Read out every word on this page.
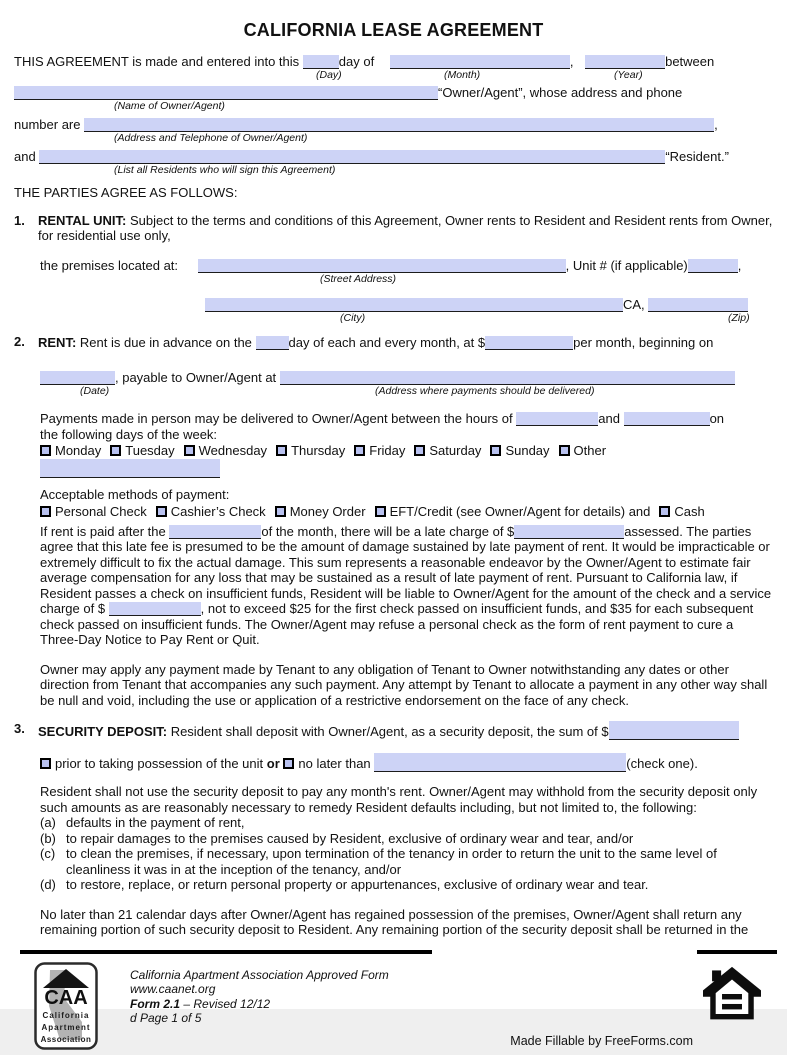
CALIFORNIA LEASE AGREEMENT

THIS AGREEMENT is made and entered into this	day of	,	between

(Day)	(Month)	(Year)

“Owner/Agent”, whose address and phone

(Name of Owner/Agent)

number are	,

(Address and Telephone of Owner/Agent)

and	“Resident.”

(List all Residents who will sign this Agreement)

THE PARTIES AGREE AS FOLLOWS:

1.	RENTAL UNIT: Subject to the terms and conditions of this Agreement, Owner rents to Resident and Resident rents from Owner, for residential use only,

the premises located at:	, Unit # (if applicable)	,

(Street Address)

CA,

(City)	(Zip)
2.	RENT: Rent is due in advance on the	day of each and every month, at $	per month, beginning on

, payable to Owner/Agent at

(Date)	(Address where payments should be delivered)

Payments made in person may be delivered to Owner/Agent between the hours of	and	on

the following days of the week:

Monday Tuesday Wednesday Thursday Friday Saturday Sunday Other

Acceptable methods of payment:

Personal Check Cashier’s Check Money Order EFT/Credit (see Owner/Agent for details) and Cash

If rent is paid after the	of the month, there will be a late charge of $	assessed. The parties agree that this late fee is presumed to be the amount of damage sustained by late payment of rent. It would be impracticable or extremely difficult to fix the actual damage. This sum represents a reasonable endeavor by the Owner/Agent to estimate fair average compensation for any loss that may be sustained as a result of late payment of rent. Pursuant to California law, if Resident passes a check on insufficient funds, Resident will be liable to Owner/Agent for the amount of the check and a service charge of $	, not to exceed $25 for the first check passed on insufficient funds, and $35 for each subsequent check passed on insufficient funds. The Owner/Agent may refuse a personal check as the form of rent payment to cure a Three-Day Notice to Pay Rent or Quit.

Owner may apply any payment made by Tenant to any obligation of Tenant to Owner notwithstanding any dates or other direction from Tenant that accompanies any such payment. Any attempt by Tenant to allocate a payment in any other way shall be null and void, including the use or application of a restrictive endorsement on the face of any check.

3.	SECURITY DEPOSIT: Resident shall deposit with Owner/Agent, as a security deposit, the sum of $

prior to taking possession of the unit or no later than	(check one).

Resident shall not use the security deposit to pay any month's rent. Owner/Agent may withhold from the security deposit only such amounts as are reasonably necessary to remedy Resident defaults including, but not limited to, the following:

(a) defaults in the payment of rent,

(b) to repair damages to the premises caused by Resident, exclusive of ordinary wear and tear, and/or

(c) to clean the premises, if necessary, upon termination of the tenancy in order to return the unit to the same level of cleanliness it was in at the inception of the tenancy, and/or

(d) to restore, replace, or return personal property or appurtenances, exclusive of ordinary wear and tear.

No later than 21 calendar days after Owner/Agent has regained possession of the premises, Owner/Agent shall return any remaining portion of such security deposit to Resident. Any remaining portion of the security deposit shall be returned in the

CAA
California
Apartment
Association
California Apartment Association Approved Form
www.caanet.org
Form 2.1 – Revised 12/12
d Page 1 of 5
Made Fillable by FreeForms.com
